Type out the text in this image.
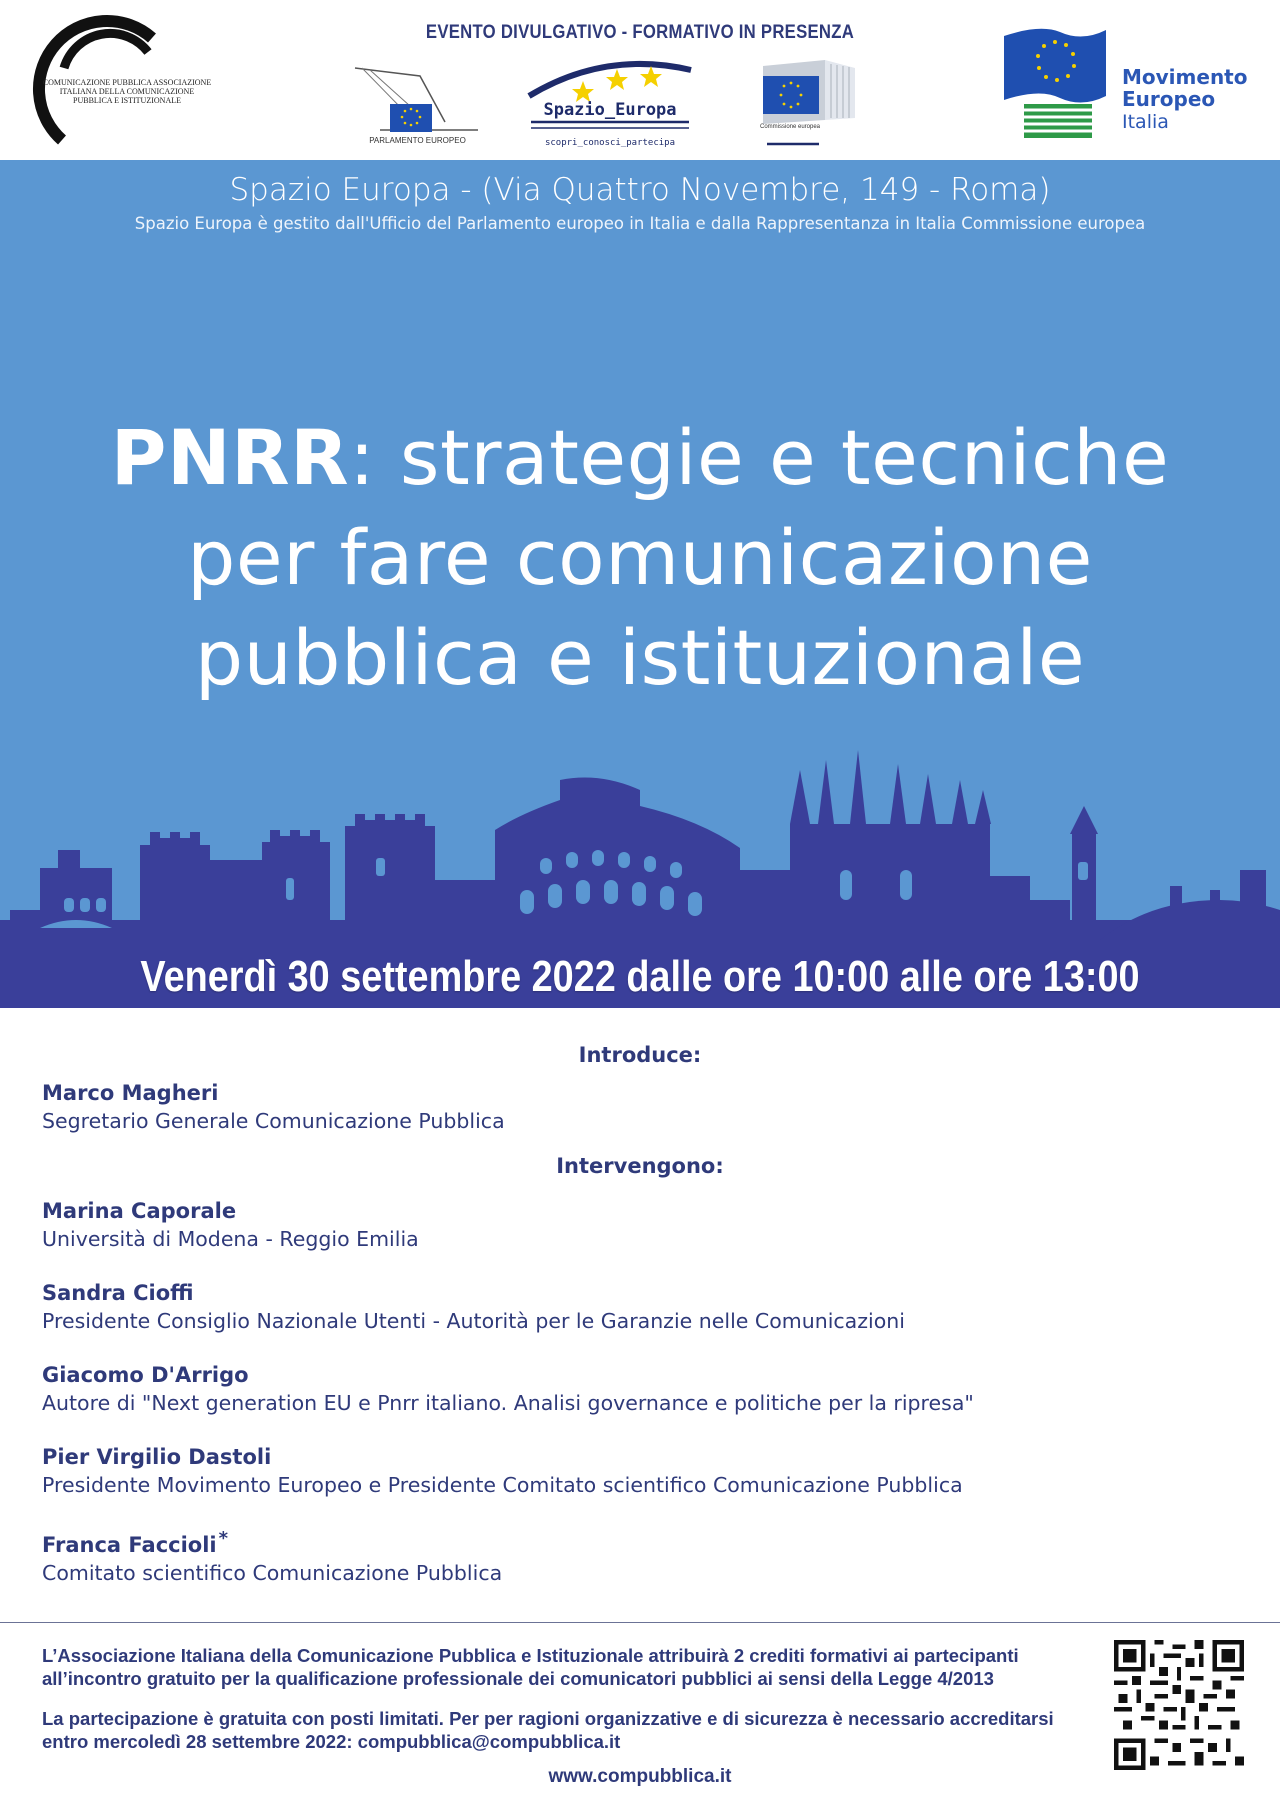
COMUNICAZIONE PUBBLICA ASSOCIAZIONE ITALIANA DELLA COMUNICAZIONE PUBBLICA E ISTITUZIONALE
EVENTO DIVULGATIVO - FORMATIVO IN PRESENZA
PARLAMENTO EUROPEO
Spazio_Europa
scopri_conosci_partecipa
Commissione europea
Movimento
Europeo
Italia
Spazio Europa - (Via Quattro Novembre, 149 - Roma)
Spazio Europa è gestito dall'Ufficio del Parlamento europeo in Italia e dalla Rappresentanza in Italia Commissione europea
PNRR: strategie e tecniche
per fare comunicazione
pubblica e istituzionale
Venerdì 30 settembre 2022 dalle ore 10:00 alle ore 13:00
Introduce:
Marco Magheri
Segretario Generale Comunicazione Pubblica
Intervengono:
Marina Caporale
Università di Modena - Reggio Emilia
Sandra Cioffi
Presidente Consiglio Nazionale Utenti - Autorità per le Garanzie nelle Comunicazioni
Giacomo D'Arrigo
Autore di "Next generation EU e Pnrr italiano. Analisi governance e politiche per la ripresa"
Pier Virgilio Dastoli
Presidente Movimento Europeo e Presidente Comitato scientifico Comunicazione Pubblica
Franca Faccioli *
Comitato scientifico Comunicazione Pubblica
L’Associazione Italiana della Comunicazione Pubblica e Istituzionale attribuirà 2 crediti formativi ai partecipanti all’incontro gratuito per la qualificazione professionale dei comunicatori pubblici ai sensi della Legge 4/2013
La partecipazione è gratuita con posti limitati. Per per ragioni organizzative e di sicurezza è necessario accreditarsi entro mercoledì 28 settembre 2022: compubblica@compubblica.it
www.compubblica.it
